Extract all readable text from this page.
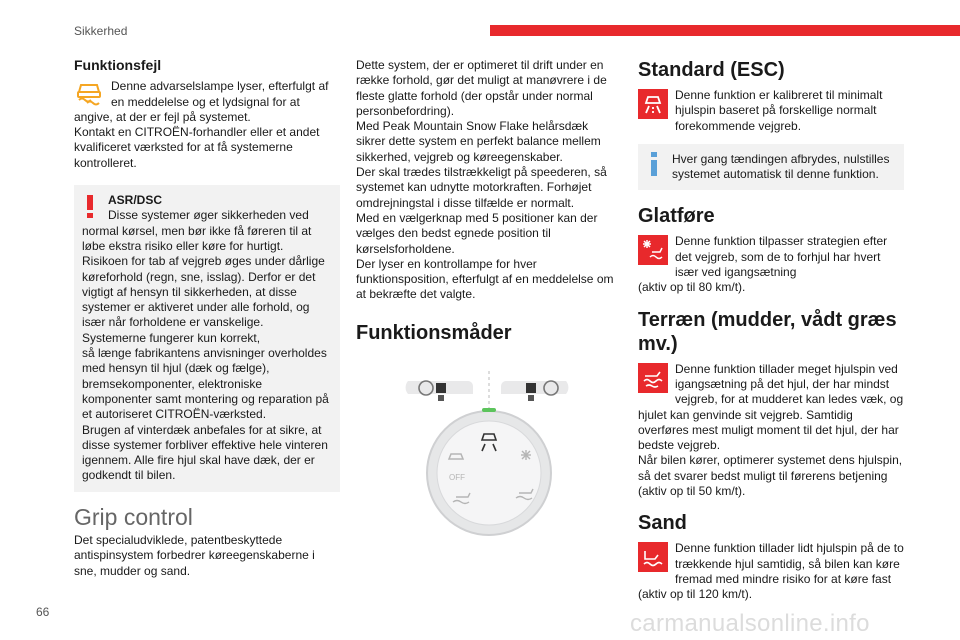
Sikkerhed
Funktionsfejl
Denne advarselslampe lyser, efterfulgt af en meddelelse og et lydsignal for at angive, at der er fejl på systemet.
Kontakt en CITROËN-forhandler eller et andet kvalificeret værksted for at få systemerne kontrolleret.
ASR/DSC
Disse systemer øger sikkerheden ved normal kørsel, men bør ikke få føreren til at løbe ekstra risiko eller køre for hurtigt.
Risikoen for tab af vejgreb øges under dårlige køreforhold (regn, sne, isslag). Derfor er det vigtigt af hensyn til sikkerheden, at disse systemer er aktiveret under alle forhold, og især når forholdene er vanskelige.
Systemerne fungerer kun korrekt,
så længe fabrikantens anvisninger overholdes med hensyn til hjul (dæk og fælge), bremsekomponenter, elektroniske komponenter samt montering og reparation på et autoriseret CITROËN-værksted.
Brugen af vinterdæk anbefales for at sikre, at disse systemer forbliver effektive hele vinteren igennem. Alle fire hjul skal have dæk, der er godkendt til bilen.
Grip control
Det specialudviklede, patentbeskyttede antispinsystem forbedrer køreegenskaberne i sne, mudder og sand.
Dette system, der er optimeret til drift under en række forhold, gør det muligt at manøvrere i de fleste glatte forhold (der opstår under normal personbefordring).
Med Peak Mountain Snow Flake helårsdæk sikrer dette system en perfekt balance mellem sikkerhed, vejgreb og køreegenskaber.
Der skal trædes tilstrækkeligt på speederen, så systemet kan udnytte motorkraften. Forhøjet omdrejningstal i disse tilfælde er normalt.
Med en vælgerknap med 5 positioner kan der vælges den bedst egnede position til kørselsforholdene.
Der lyser en kontrollampe for hver funktionsposition, efterfulgt af en meddelelse om at bekræfte det valgte.
Funktionsmåder
OFF
Standard (ESC)
Denne funktion er kalibreret til minimalt hjulspin baseret på forskellige normalt forekommende vejgreb.
Hver gang tændingen afbrydes, nulstilles systemet automatisk til denne funktion.
Glatføre
Denne funktion tilpasser strategien efter det vejgreb, som de to forhjul har hvert især ved igangsætning
(aktiv op til 80 km/t).
Terræn (mudder, vådt græs mv.)
Denne funktion tillader meget hjulspin ved igangsætning på det hjul, der har mindst vejgreb, for at mudderet kan ledes væk, og hjulet kan genvinde sit vejgreb. Samtidig overføres mest muligt moment til det hjul, der har bedste vejgreb.
Når bilen kører, optimerer systemet dens hjulspin, så det svarer bedst muligt til førerens betjening
(aktiv op til 50 km/t).
Sand
Denne funktion tillader lidt hjulspin på de to trækkende hjul samtidig, så bilen kan køre fremad med mindre risiko for at køre fast
(aktiv op til 120 km/t).
66	carmanualsonline.info
